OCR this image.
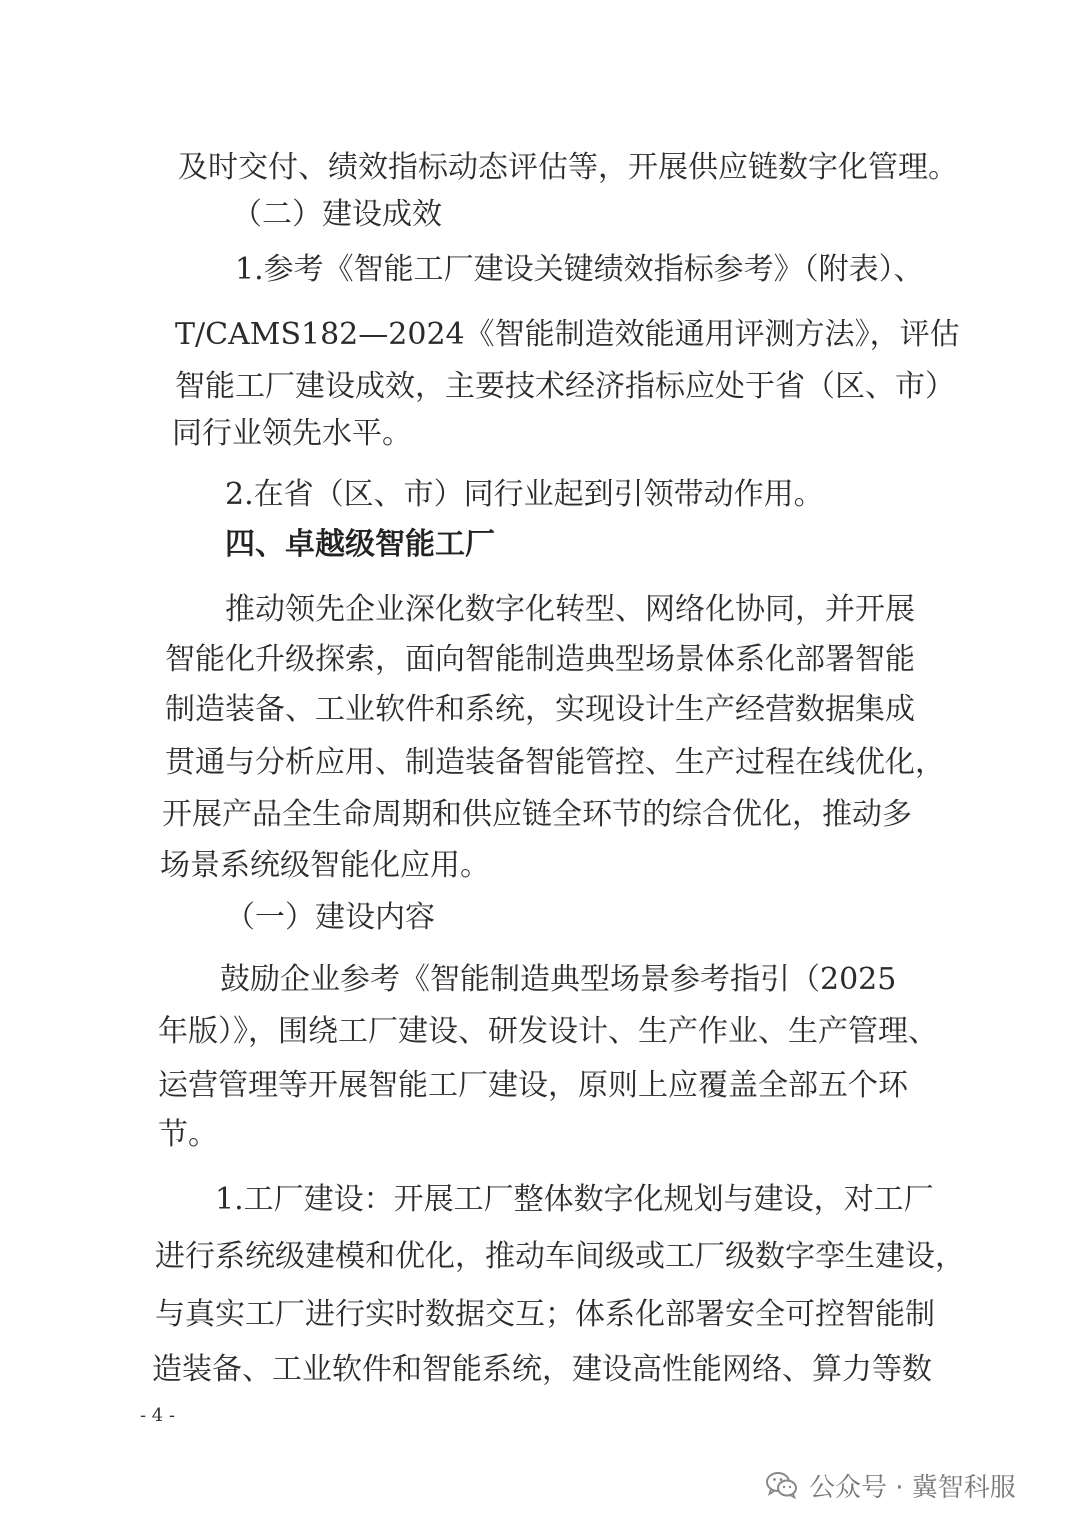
及时交付、绩效指标动态评估等，开展供应链数字化管理。
（二）建设成效
1.参考《智能工厂建设关键绩效指标参考》（附表）、
T/CAMS182—2024《智能制造效能通用评测方法》，评估
智能工厂建设成效，主要技术经济指标应处于省（区、市）
同行业领先水平。
2.在省（区、市）同行业起到引领带动作用。
四、卓越级智能工厂
推动领先企业深化数字化转型、网络化协同，并开展
智能化升级探索，面向智能制造典型场景体系化部署智能
制造装备、工业软件和系统，实现设计生产经营数据集成
贯通与分析应用、制造装备智能管控、生产过程在线优化，
开展产品全生命周期和供应链全环节的综合优化，推动多
场景系统级智能化应用。
（一）建设内容
鼓励企业参考《智能制造典型场景参考指引（2025
年版）》，围绕工厂建设、研发设计、生产作业、生产管理、
运营管理等开展智能工厂建设，原则上应覆盖全部五个环
节。
1.工厂建设：开展工厂整体数字化规划与建设，对工厂
进行系统级建模和优化，推动车间级或工厂级数字孪生建设，
与真实工厂进行实时数据交互；体系化部署安全可控智能制
造装备、工业软件和智能系统，建设高性能网络、算力等数
- 4 -
公众号 · 冀智科服
